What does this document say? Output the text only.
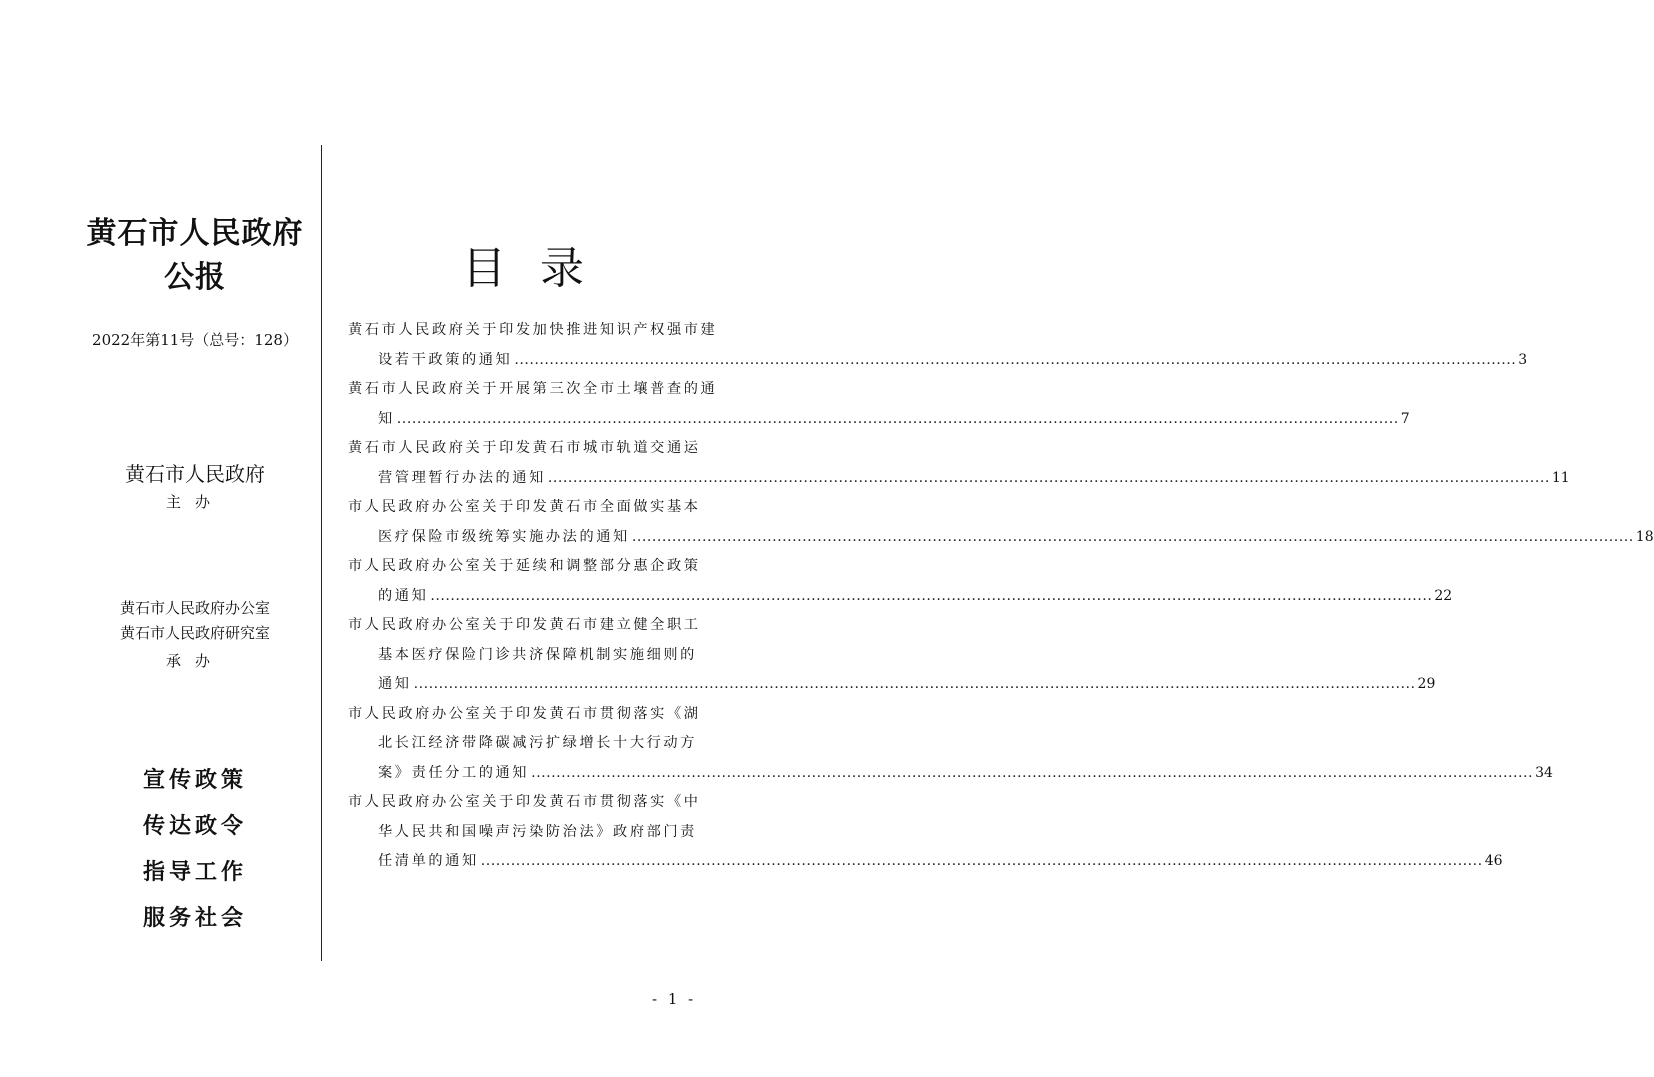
黄石市人民政府
公报
2022年第11号（总号：128）
黄石市人民政府
主办
黄石市人民政府办公室
黄石市人民政府研究室
承办
宣传政策
传达政令
指导工作
服务社会
目录
黄石市人民政府关于印发加快推进知识产权强市建
设若干政策的通知 ........................................................................................................................................................................................................ 3
黄石市人民政府关于开展第三次全市土壤普查的通
知 ........................................................................................................................................................................................................ 7
黄石市人民政府关于印发黄石市城市轨道交通运
营管理暂行办法的通知 ........................................................................................................................................................................................................ 11
市人民政府办公室关于印发黄石市全面做实基本
医疗保险市级统筹实施办法的通知 ........................................................................................................................................................................................................ 18
市人民政府办公室关于延续和调整部分惠企政策
的通知 ........................................................................................................................................................................................................ 22
市人民政府办公室关于印发黄石市建立健全职工
基本医疗保险门诊共济保障机制实施细则的
通知 ........................................................................................................................................................................................................ 29
市人民政府办公室关于印发黄石市贯彻落实《湖
北长江经济带降碳减污扩绿增长十大行动方
案》责任分工的通知 ........................................................................................................................................................................................................ 34
市人民政府办公室关于印发黄石市贯彻落实《中
华人民共和国噪声污染防治法》政府部门责
任清单的通知 ........................................................................................................................................................................................................ 46
- 1 -
